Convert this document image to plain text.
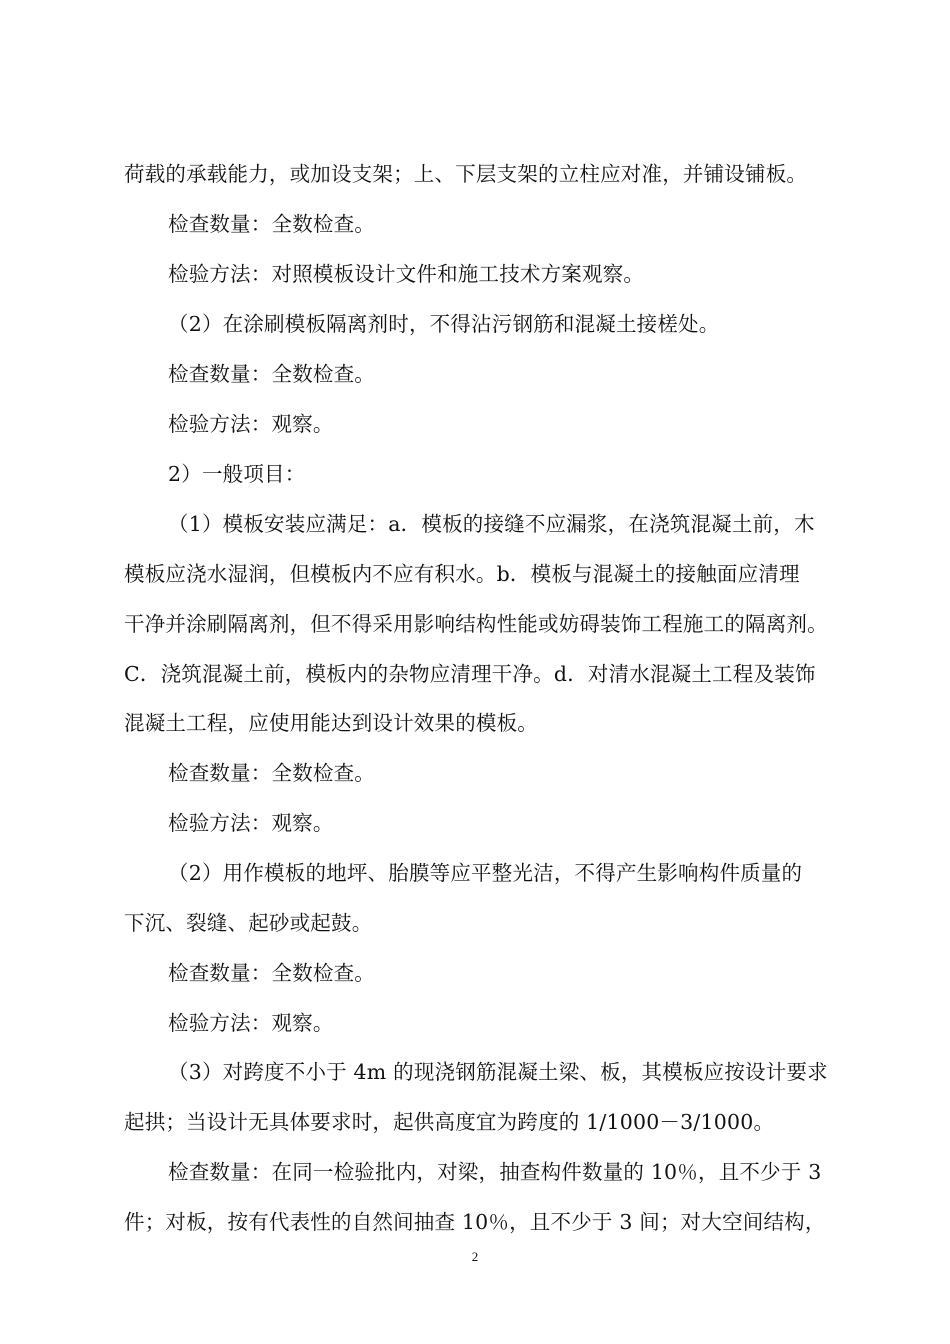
荷载的承载能力，或加设支架；上、下层支架的立柱应对准，并铺设铺板。
检查数量：全数检查。
检验方法：对照模板设计文件和施工技术方案观察。
（2）在涂刷模板隔离剂时，不得沾污钢筋和混凝土接槎处。
检查数量：全数检查。
检验方法：观察。
2）一般项目：
（1）模板安装应满足：a．模板的接缝不应漏浆，在浇筑混凝土前，木
模板应浇水湿润，但模板内不应有积水。b．模板与混凝土的接触面应清理
干净并涂刷隔离剂，但不得采用影响结构性能或妨碍装饰工程施工的隔离剂。
C．浇筑混凝土前，模板内的杂物应清理干净。d．对清水混凝土工程及装饰
混凝土工程，应使用能达到设计效果的模板。
检查数量：全数检查。
检验方法：观察。
（2）用作模板的地坪、胎膜等应平整光洁，不得产生影响构件质量的
下沉、裂缝、起砂或起鼓。
检查数量：全数检查。
检验方法：观察。
（3）对跨度不小于 4m 的现浇钢筋混凝土梁、板，其模板应按设计要求
起拱；当设计无具体要求时，起供高度宜为跨度的 1/1000－3/1000。
检查数量：在同一检验批内，对梁，抽查构件数量的 10％，且不少于 3
件；对板，按有代表性的自然间抽查 10％，且不少于 3 间；对大空间结构，
2
